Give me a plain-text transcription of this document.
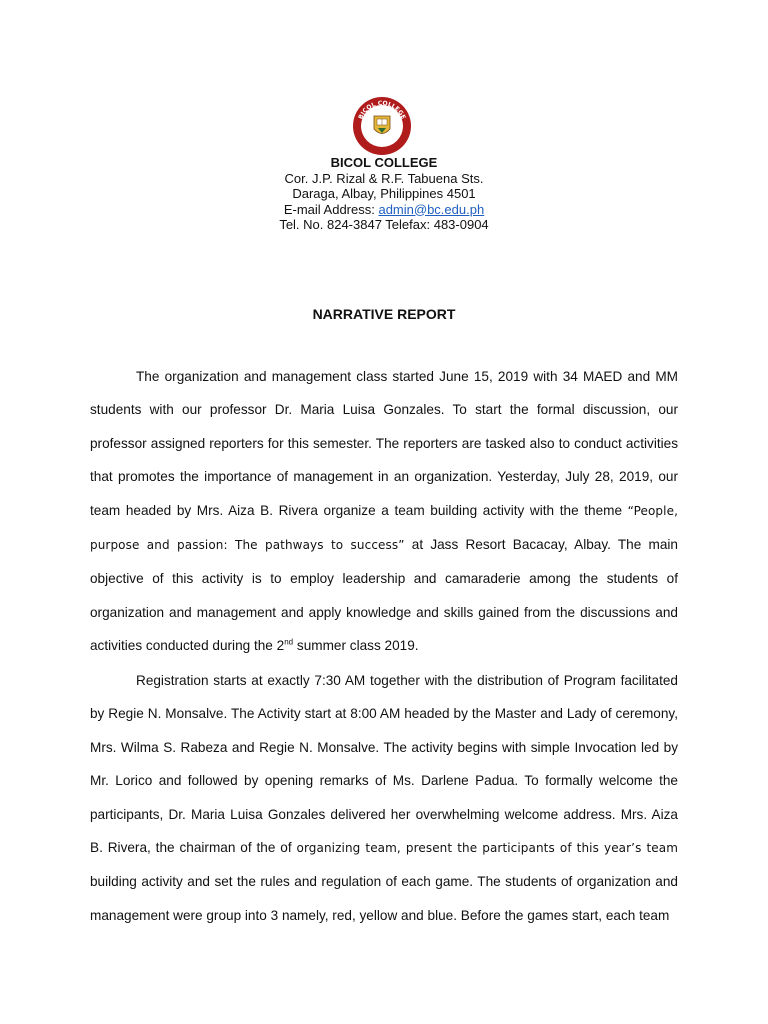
BICOL COLLEGE
DARAGA, ALBAY
BICOL COLLEGE
Cor. J.P. Rizal & R.F. Tabuena Sts.
Daraga, Albay, Philippines 4501
E-mail Address: admin@bc.edu.ph
Tel. No. 824-3847 Telefax: 483-0904
NARRATIVE REPORT

The organization and management class started June 15, 2019 with 34 MAED and MM students with our professor Dr. Maria Luisa Gonzales. To start the formal discussion, our professor assigned reporters for this semester. The reporters are tasked also to conduct activities that promotes the importance of management in an organization. Yesterday, July 28, 2019, our team headed by Mrs. Aiza B. Rivera organize a team building activity with the theme “People, purpose and passion: The pathways to success” at Jass Resort Bacacay, Albay. The main objective of this activity is to employ leadership and camaraderie among the students of organization and management and apply knowledge and skills gained from the discussions and activities conducted during the 2nd summer class 2019.

Registration starts at exactly 7:30 AM together with the distribution of Program facilitated by Regie N. Monsalve. The Activity start at 8:00 AM headed by the Master and Lady of ceremony, Mrs. Wilma S. Rabeza and Regie N. Monsalve. The activity begins with simple Invocation led by Mr. Lorico and followed by opening remarks of Ms. Darlene Padua. To formally welcome the participants, Dr. Maria Luisa Gonzales delivered her overwhelming welcome address. Mrs. Aiza B. Rivera, the chairman of the of organizing team, present the participants of this year’s team building activity and set the rules and regulation of each game. The students of organization and management were group into 3 namely, red, yellow and blue. Before the games start, each team
